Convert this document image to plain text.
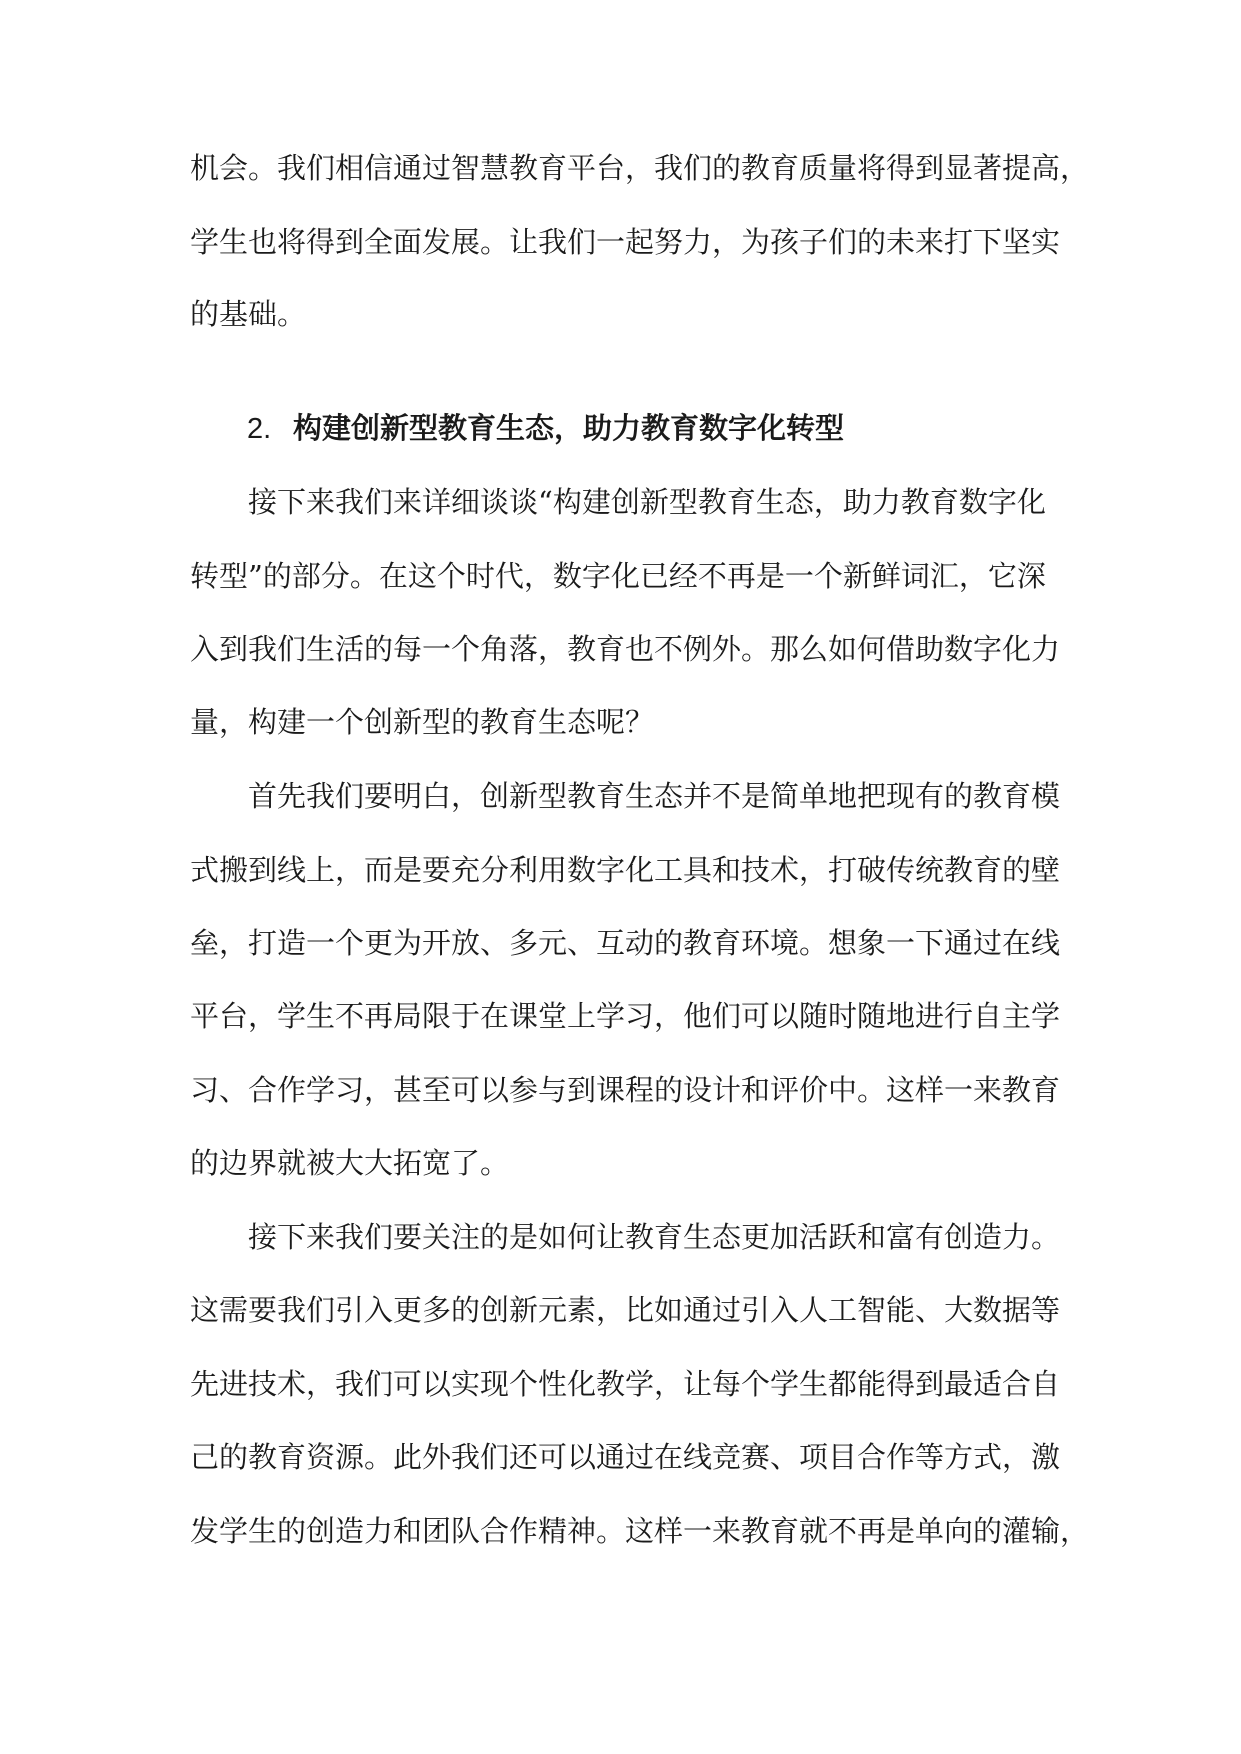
机会。我们相信通过智慧教育平台，我们的教育质量将得到显著提高，
学生也将得到全面发展。让我们一起努力，为孩子们的未来打下坚实
的基础。
2. 构建创新型教育生态，助力教育数字化转型
接下来我们来详细谈谈“构建创新型教育生态，助力教育数字化
转型”的部分。在这个时代，数字化已经不再是一个新鲜词汇，它深
入到我们生活的每一个角落，教育也不例外。那么如何借助数字化力
量，构建一个创新型的教育生态呢？
首先我们要明白，创新型教育生态并不是简单地把现有的教育模
式搬到线上，而是要充分利用数字化工具和技术，打破传统教育的壁
垒，打造一个更为开放、多元、互动的教育环境。想象一下通过在线
平台，学生不再局限于在课堂上学习，他们可以随时随地进行自主学
习、合作学习，甚至可以参与到课程的设计和评价中。这样一来教育
的边界就被大大拓宽了。
接下来我们要关注的是如何让教育生态更加活跃和富有创造力。
这需要我们引入更多的创新元素，比如通过引入人工智能、大数据等
先进技术，我们可以实现个性化教学，让每个学生都能得到最适合自
己的教育资源。此外我们还可以通过在线竞赛、项目合作等方式，激
发学生的创造力和团队合作精神。这样一来教育就不再是单向的灌输，
